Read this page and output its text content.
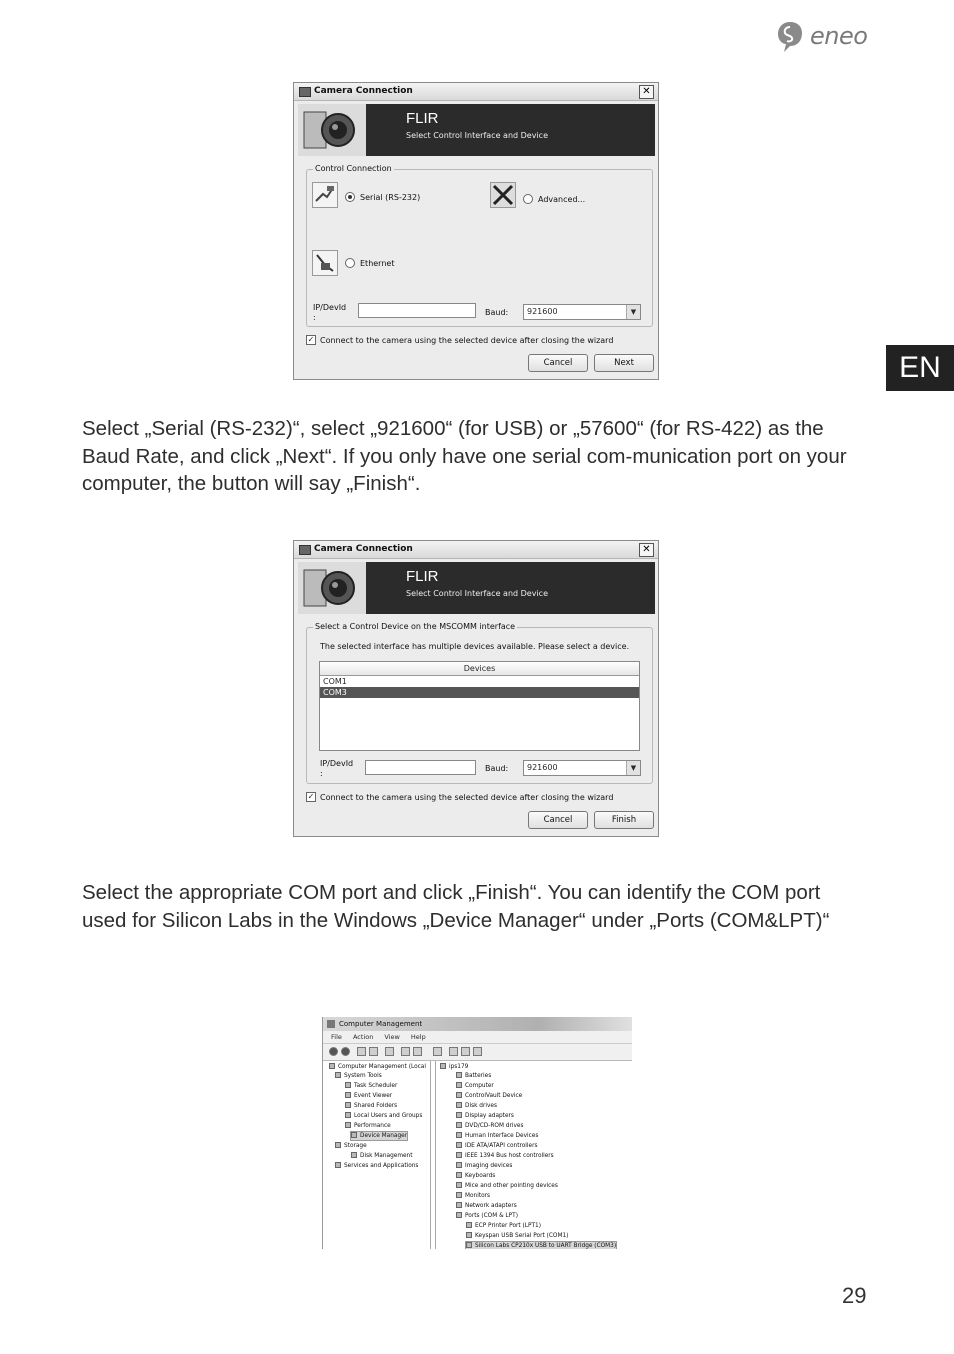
eneo
EN
Camera Connection	✕
FLIR
Select Control Interface and Device
Control Connection
Serial (RS-232)	Advanced...
Ethernet
IP/DevId
:
Baud:	921600	▼
✓ Connect to the camera using the selected device after closing the wizard
Cancel	Next
Select „Serial (RS-232)“, select „921600“ (for USB) or „57600“ (for RS-422) as the Baud Rate, and click „Next“. If you only have one serial com-munication port on your computer, the button will say „Finish“.
Camera Connection	✕
FLIR
Select Control Interface and Device
Select a Control Device on the MSCOMM interface
The selected interface has multiple devices available. Please select a device.
Devices
COM1
COM3
IP/DevId
:
Baud:	921600	▼
✓ Connect to the camera using the selected device after closing the wizard
Cancel	Finish
Select the appropriate COM port and click „Finish“. You can identify the COM port used for Silicon Labs in the Windows „Device Manager“ under „Ports (COM&LPT)“
Computer Management
File Action View Help
Computer Management (Local
System Tools
Task Scheduler
Event Viewer
Shared Folders
Local Users and Groups
Performance
Device Manager
Storage
Disk Management
Services and Applications
ips179
Batteries
Computer
ControlVault Device
Disk drives
Display adapters
DVD/CD-ROM drives
Human Interface Devices
IDE ATA/ATAPI controllers
IEEE 1394 Bus host controllers
Imaging devices
Keyboards
Mice and other pointing devices
Monitors
Network adapters
Ports (COM & LPT)
ECP Printer Port (LPT1)
Keyspan USB Serial Port (COM1)
Silicon Labs CP210x USB to UART Bridge (COM3)
29
